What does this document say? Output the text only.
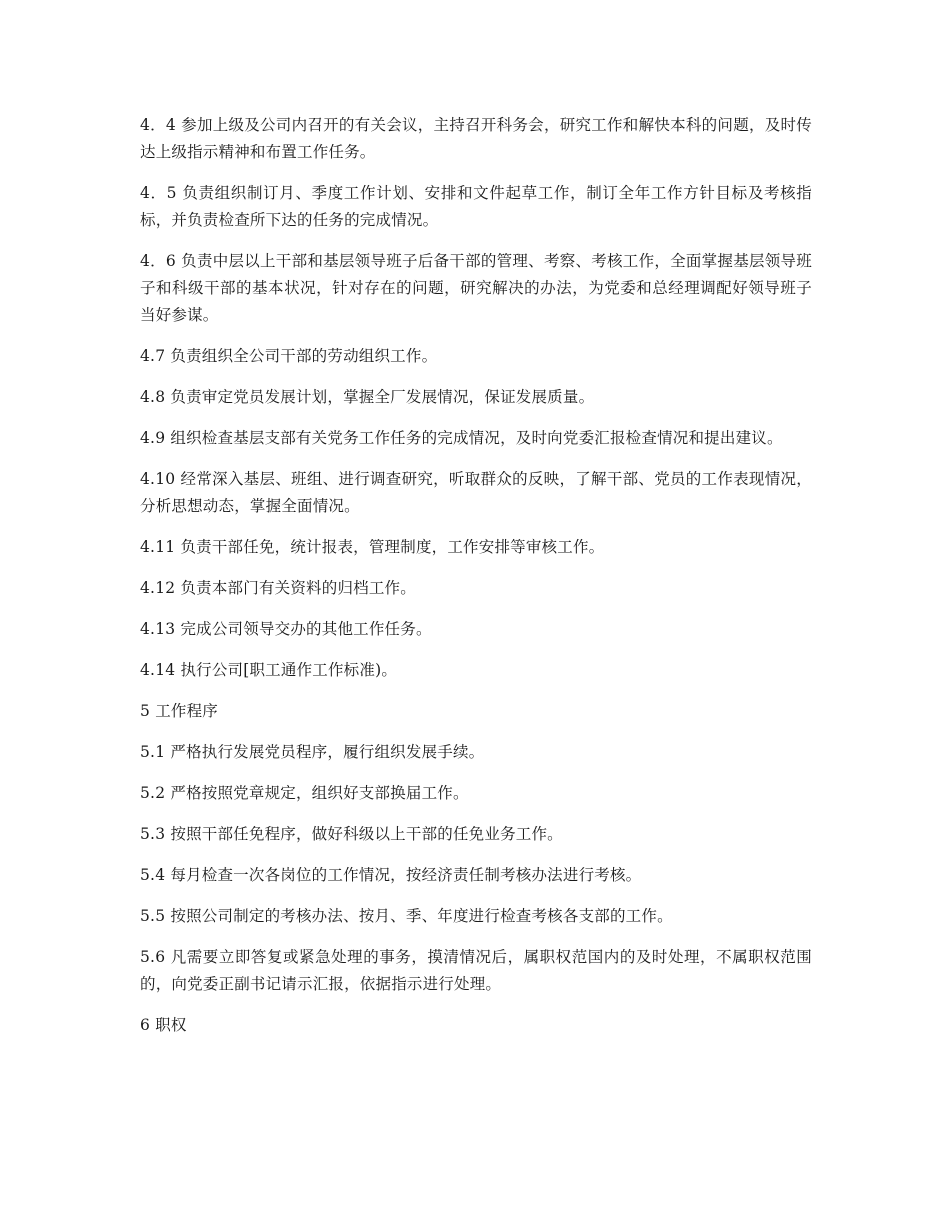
4．4 参加上级及公司内召开的有关会议，主持召开科务会，研究工作和解快本科的问题，及时传达上级指示精神和布置工作任务。

4．5 负责组织制订月、季度工作计划、安排和文件起草工作，制订全年工作方针目标及考核指标，并负责检查所下达的任务的完成情况。

4．6 负责中层以上干部和基层领导班子后备干部的管理、考察、考核工作，全面掌握基层领导班子和科级干部的基本状况，针对存在的问题，研究解决的办法，为党委和总经理调配好领导班子当好参谋。

4.7 负责组织全公司干部的劳动组织工作。

4.8 负责审定党员发展计划，掌握全厂发展情况，保证发展质量。

4.9 组织检查基层支部有关党务工作任务的完成情况，及时向党委汇报检查情况和提出建议。

4.10 经常深入基层、班组、进行调查研究，听取群众的反映，了解干部、党员的工作表现情况，分析思想动态，掌握全面情况。

4.11 负责干部任免，统计报表，管理制度，工作安排等审核工作。

4.12 负责本部门有关资料的归档工作。

4.13 完成公司领导交办的其他工作任务。

4.14 执行公司[职工通作工作标准)。

5 工作程序

5.1 严格执行发展党员程序，履行组织发展手续。

5.2 严格按照党章规定，组织好支部换届工作。

5.3 按照干部任免程序，做好科级以上干部的任免业务工作。

5.4 每月检查一次各岗位的工作情况，按经济责任制考核办法进行考核。

5.5 按照公司制定的考核办法、按月、季、年度进行检查考核各支部的工作。

5.6 凡需要立即答复或紧急处理的事务，摸清情况后，属职权范国内的及时处理，不属职权范围的，向党委正副书记请示汇报，依据指示进行处理。

6 职权
